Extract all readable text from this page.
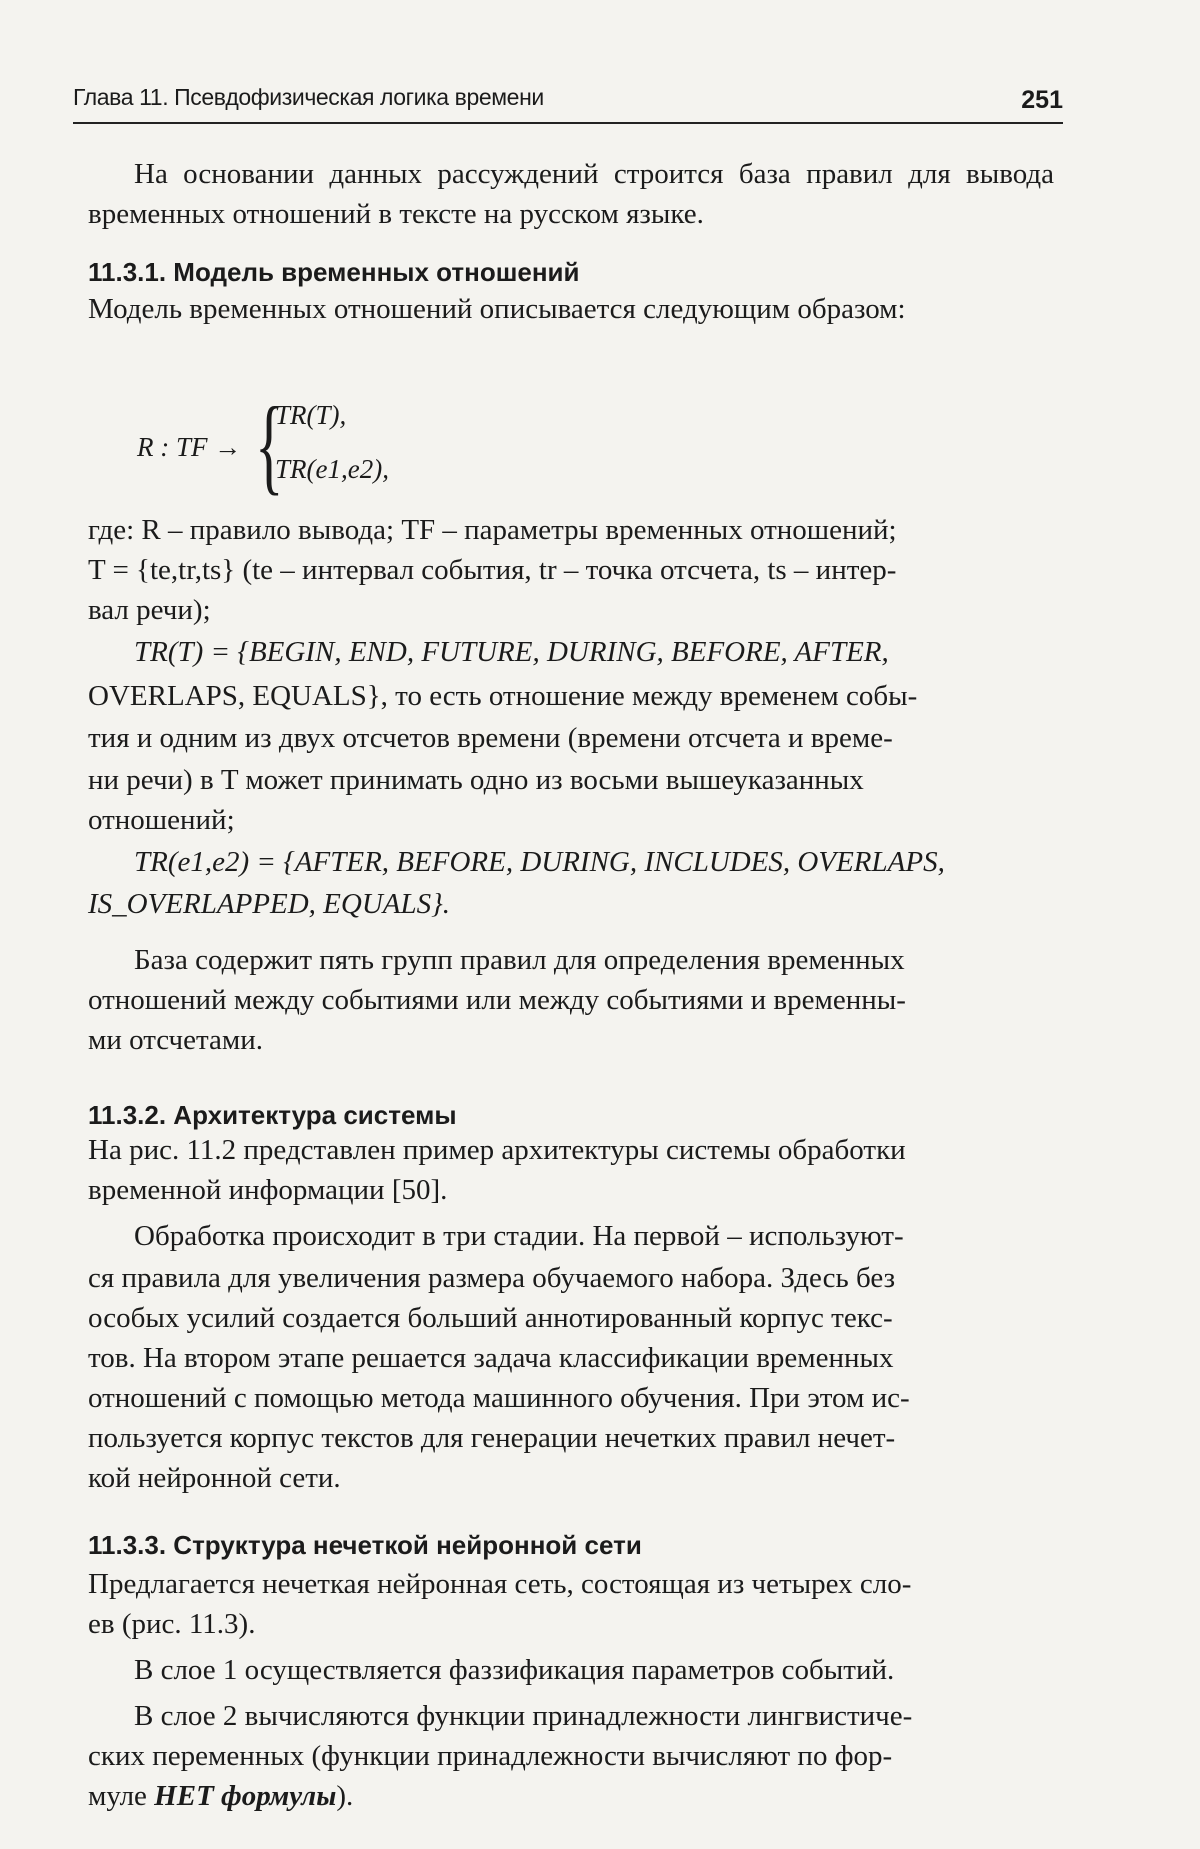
Глава 11. Псевдофизическая логика времени	251

На основании данных рассуждений строится база правил для вывода временных отношений в тексте на русском языке.

11.3.1. Модель временных отношений

Модель временных отношений описывается следующим образом:

R : TF → {
TR(T),
TR(e1,e2),

где: R – правило вывода; TF – параметры временных отношений;

T = {te,tr,ts} (te – интервал события, tr – точка отсчета, ts – интер-

вал речи);

TR(T) = {BEGIN, END, FUTURE, DURING, BEFORE, AFTER,

OVERLAPS, EQUALS}, то есть отношение между временем собы-

тия и одним из двух отсчетов времени (времени отсчета и време-

ни речи) в T может принимать одно из восьми вышеуказанных

отношений;

TR(e1,e2) = {AFTER, BEFORE, DURING, INCLUDES, OVERLAPS,

IS_OVERLAPPED, EQUALS}.

База содержит пять групп правил для определения временных

отношений между событиями или между событиями и временны-

ми отсчетами.

11.3.2. Архитектура системы

На рис. 11.2 представлен пример архитектуры системы обработки

временной информации [50].

Обработка происходит в три стадии. На первой – используют-

ся правила для увеличения размера обучаемого набора. Здесь без

особых усилий создается больший аннотированный корпус текс-

тов. На втором этапе решается задача классификации временных

отношений с помощью метода машинного обучения. При этом ис-

пользуется корпус текстов для генерации нечетких правил нечет-

кой нейронной сети.

11.3.3. Структура нечеткой нейронной сети

Предлагается нечеткая нейронная сеть, состоящая из четырех сло-

ев (рис. 11.3).

В слое 1 осуществляется фаззификация параметров событий.

В слое 2 вычисляются функции принадлежности лингвистиче-

ских переменных (функции принадлежности вычисляют по фор-

муле НЕТ формулы).
